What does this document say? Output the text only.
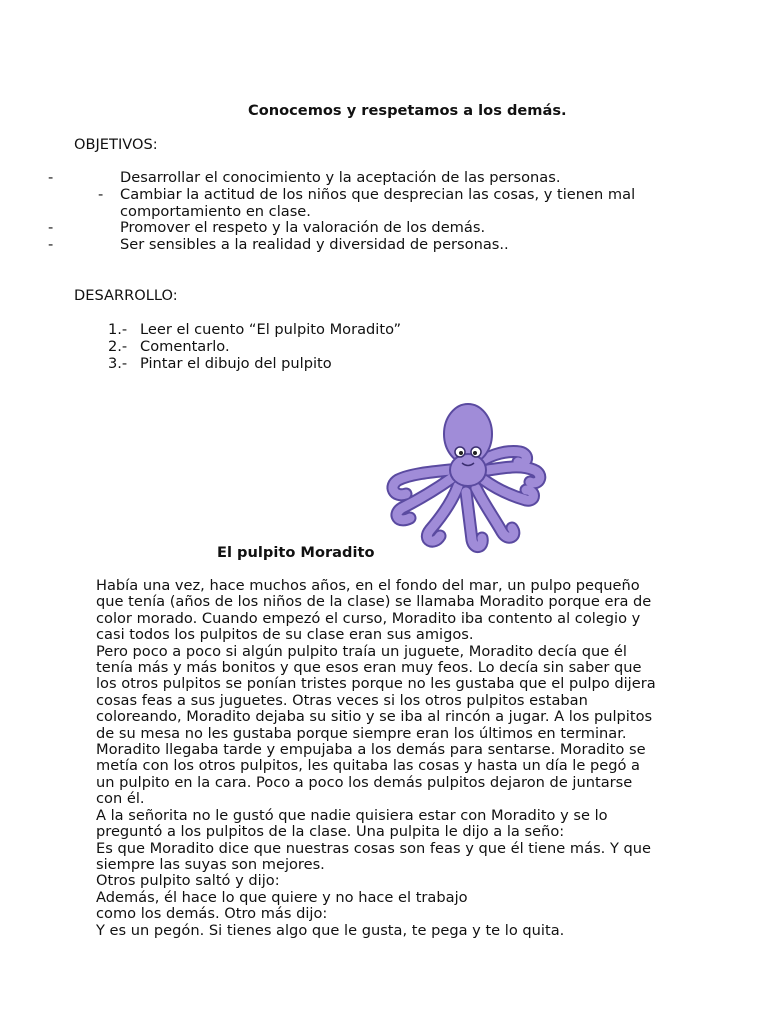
Conocemos y respetamos a los demás.
OBJETIVOS:
-	Desarrollar el conocimiento y la aceptación de las personas.
- Cambiar la actitud de los niños que desprecian las cosas, y tienen mal
comportamiento en clase.
-	Promover el respeto y la valoración de los demás.
-	Ser sensibles a la realidad y diversidad de personas..
DESARROLLO:
1.- Leer el cuento “El pulpito Moradito”
2.- Comentarlo.
3.- Pintar el dibujo del pulpito
El pulpito Moradito

Había una vez, hace muchos años, en el fondo del mar, un pulpo pequeño

que tenía (años de los niños de la clase) se llamaba Moradito porque era de

color morado. Cuando empezó el curso, Moradito iba contento al colegio y

casi todos los pulpitos de su clase eran sus amigos.

Pero poco a poco si algún pulpito traía un juguete, Moradito decía que él

tenía más y más bonitos y que esos eran muy feos. Lo decía sin saber que

los otros pulpitos se ponían tristes porque no les gustaba que el pulpo dijera

cosas feas a sus juguetes. Otras veces si los otros pulpitos estaban

coloreando, Moradito dejaba su sitio y se iba al rincón a jugar. A los pulpitos

de su mesa no les gustaba porque siempre eran los últimos en terminar.

Moradito llegaba tarde y empujaba a los demás para sentarse. Moradito se

metía con los otros pulpitos, les quitaba las cosas y hasta un día le pegó a

un pulpito en la cara. Poco a poco los demás pulpitos dejaron de juntarse

con él.

A la señorita no le gustó que nadie quisiera estar con Moradito y se lo

preguntó a los pulpitos de la clase. Una pulpita le dijo a la seño:

Es que Moradito dice que nuestras cosas son feas y que él tiene más. Y que

siempre las suyas son mejores.

Otros pulpito saltó y dijo:

Además, él hace lo que quiere y no hace el trabajo

como los demás. Otro más dijo:

Y es un pegón. Si tienes algo que le gusta, te pega y te lo quita.
